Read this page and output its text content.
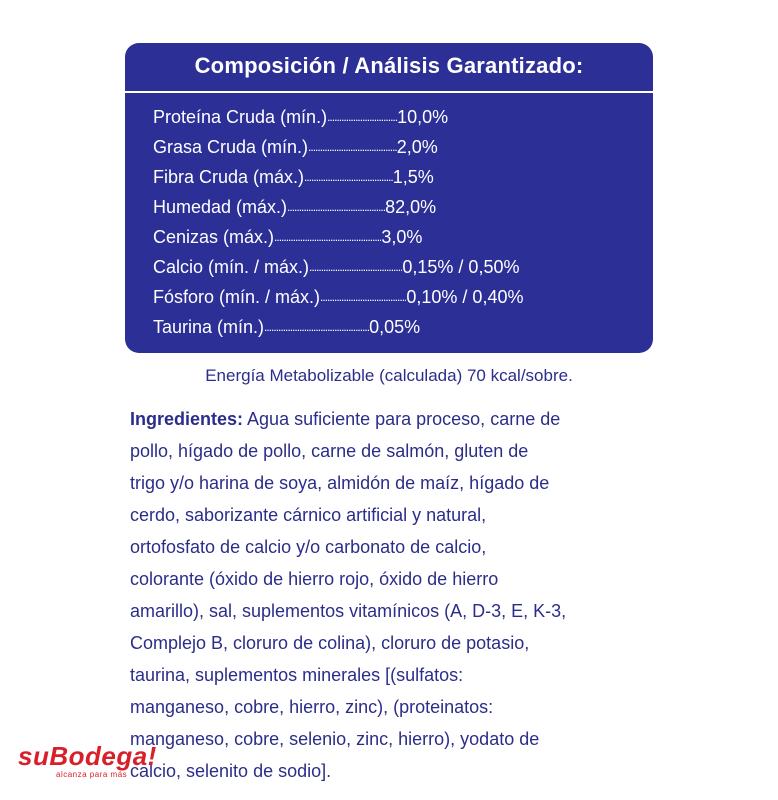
Composición / Análisis Garantizado:
Proteína Cruda (mín.) .............................. 10,0%
Grasa Cruda (mín.) ...................................... 2,0%
Fibra Cruda (máx.) ...................................... 1,5%
Humedad (máx.) .......................................... 82,0%
Cenizas (máx.) .............................................. 3,0%
Calcio (mín. / máx.) ........................................ 0,15% / 0,50%
Fósforo (mín. / máx.) ..................................... 0,10% / 0,40%
Taurina (mín.) ............................................. 0,05%
Energía Metabolizable (calculada) 70 kcal/sobre.
Ingredientes: Agua suficiente para proceso, carne de
pollo, hígado de pollo, carne de salmón, gluten de
trigo y/o harina de soya, almidón de maíz, hígado de
cerdo, saborizante cárnico artificial y natural,
ortofosfato de calcio y/o carbonato de calcio,
colorante (óxido de hierro rojo, óxido de hierro
amarillo), sal, suplementos vitamínicos (A, D-3, E, K-3,
Complejo B, cloruro de colina), cloruro de potasio,
taurina, suplementos minerales [(sulfatos:
manganeso, cobre, hierro, zinc), (proteinatos:
manganeso, cobre, selenio, zinc, hierro), yodato de
calcio, selenito de sodio].
suBodega!
alcanza para más
